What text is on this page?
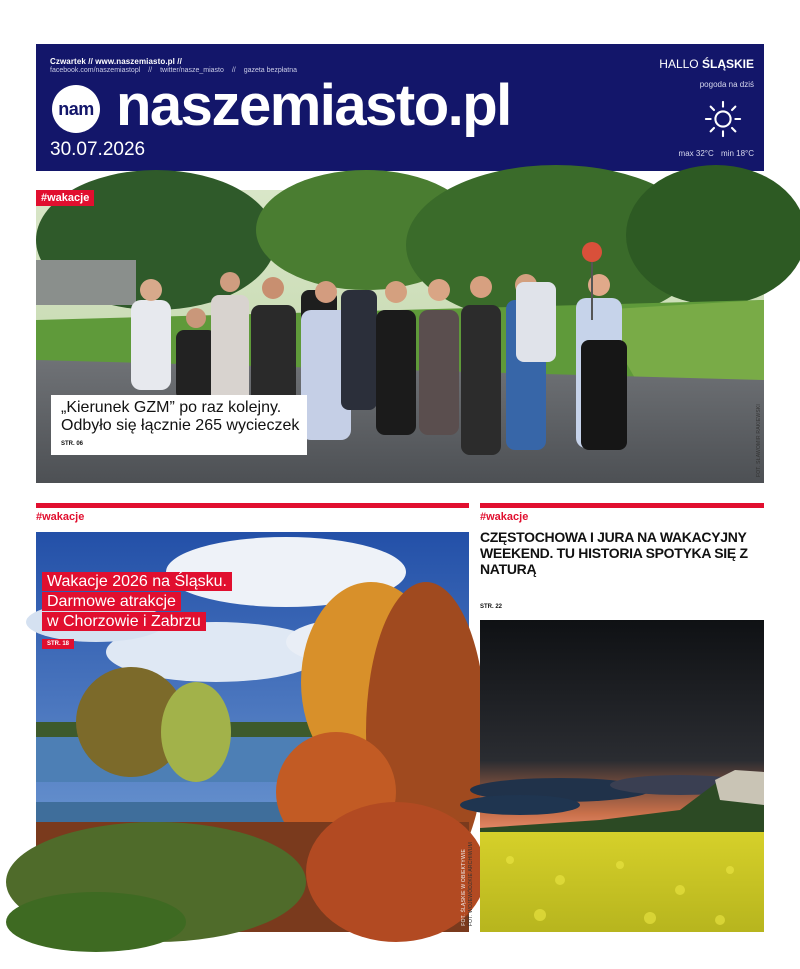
Czwartek // www.naszemiasto.pl //
facebook.com/naszemiastopl // twitter/nasze_miasto // gazeta bezpłatna
nam naszemiasto.pl
30.07.2026
HALLO ŚLĄSKIE
pogoda na dziś
max 32°C min 18°C
#wakacje
FOT. SŁAWOMIR RAKIEWSKI
„Kierunek GZM” po raz kolejny.
Odbyło się łącznie 265 wycieczek
STR. 06
#wakacje
FOT. ŚLĄSKIE W OBIEKTYWIE
Wakacje 2026 na Śląsku.
Darmowe atrakcje
w Chorzowie i Zabrzu
STR. 18
#wakacje
CZĘSTOCHOWA I JURA NA WAKACYJNY WEEKEND. TU HISTORIA SPOTYKA SIĘ Z NATURĄ
STR. 22
FOT. WOJEWÓDZKIE ARCHIWUM
